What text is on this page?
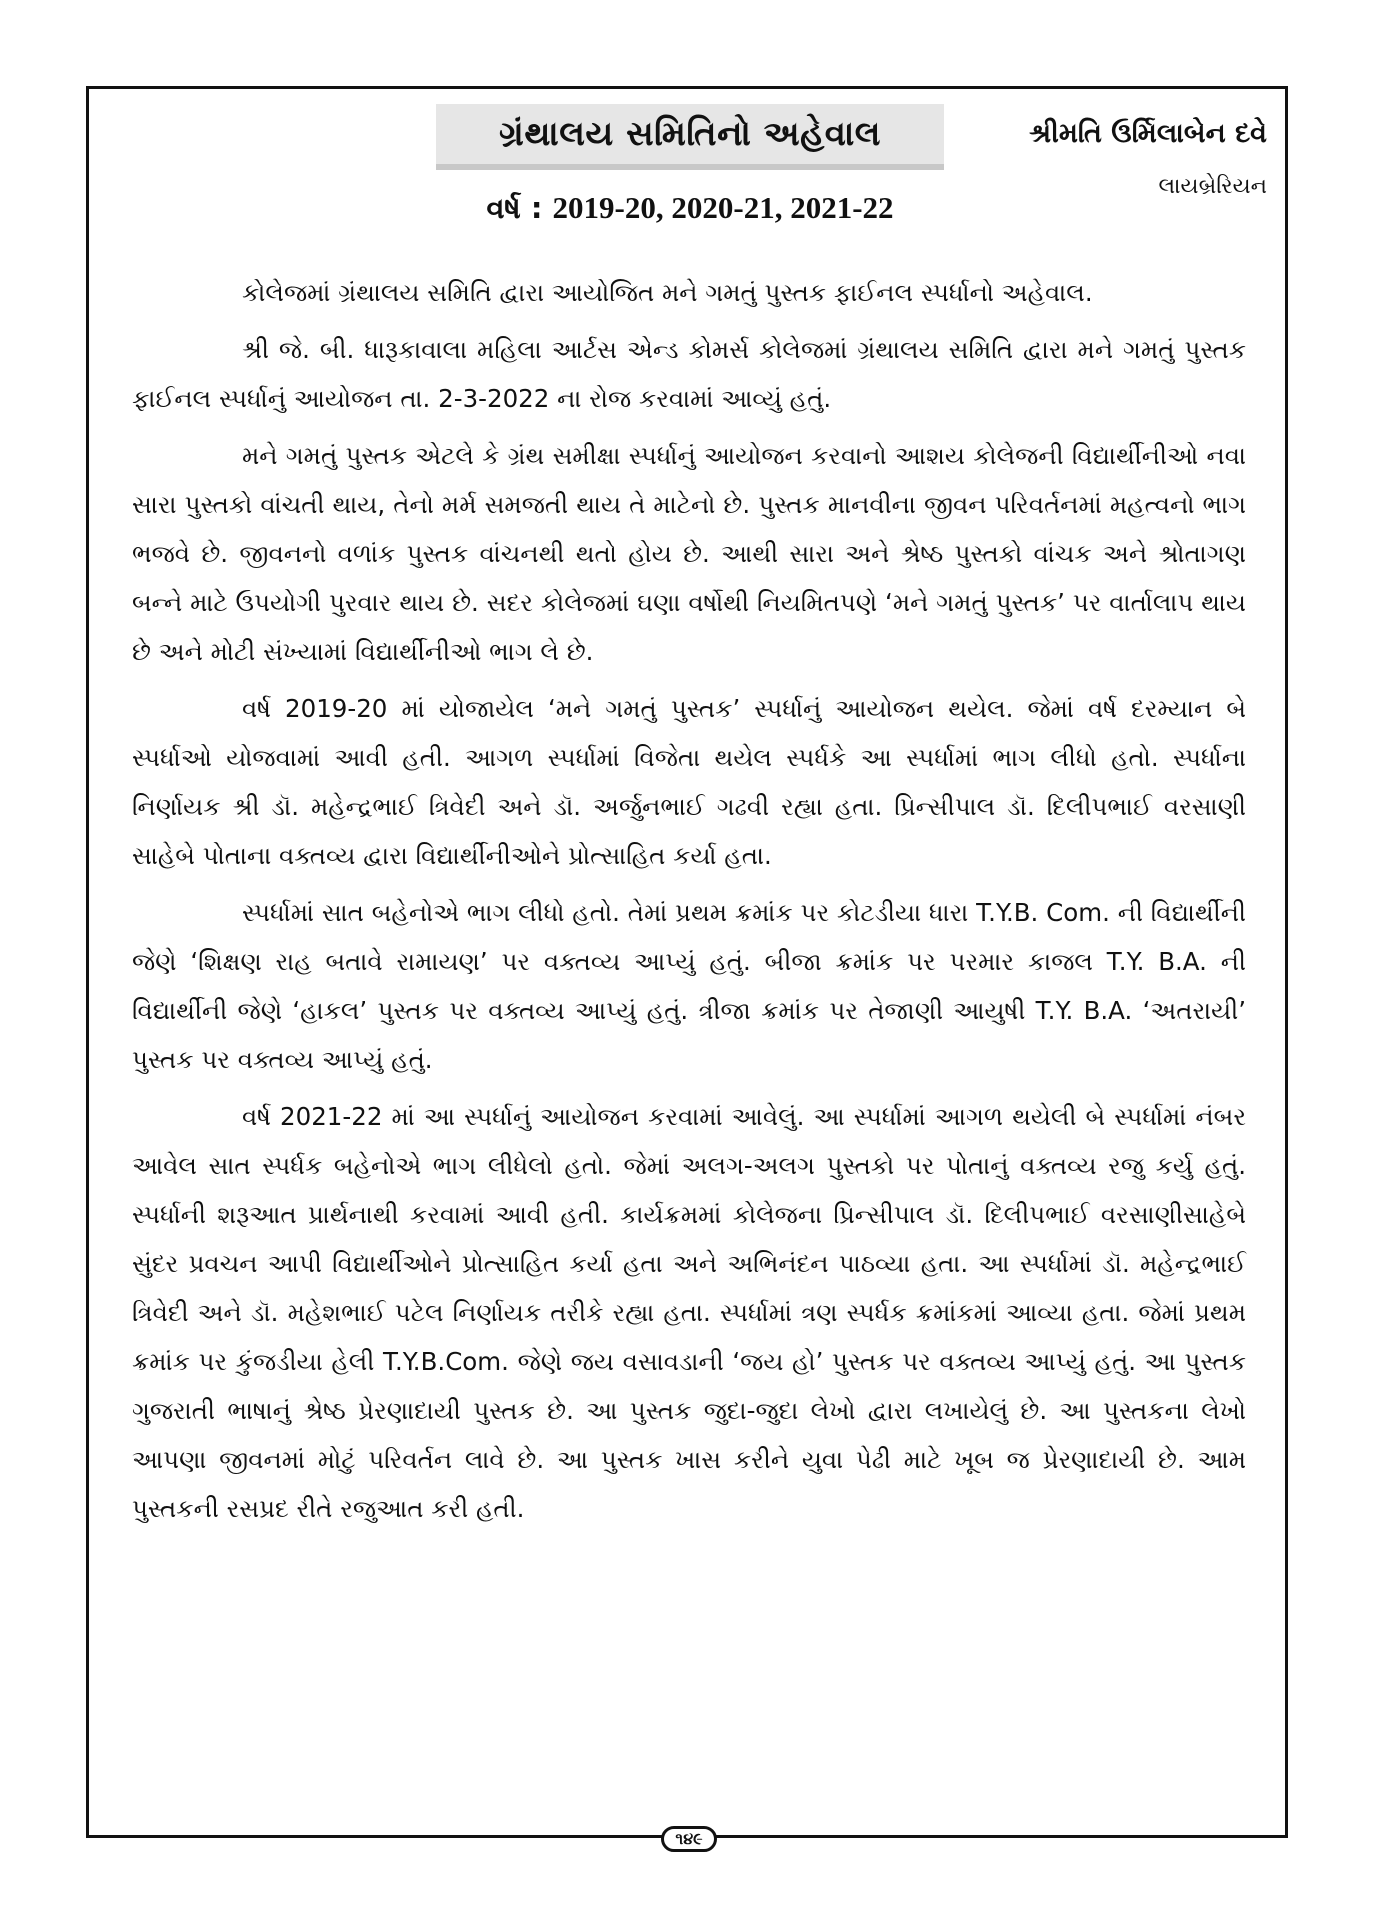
ગ્રંથાલય સમિતિનો અહેવાલ	શ્રીમતિ ઉર્મિલાબેન દવે
લાયબ્રેરિયન
વર્ષ : 2019-20, 2020-21, 2021-22

કોલેજમાં ગ્રંથાલય સમિતિ દ્વારા આયોજિત મને ગમતું પુસ્તક ફાઈનલ સ્પર્ધાનો અહેવાલ.

શ્રી જે. બી. ધારૂકાવાલા મહિલા આર્ટસ એન્ડ કોમર્સ કોલેજમાં ગ્રંથાલય સમિતિ દ્વારા મને ગમતું પુસ્તક ફાઈનલ સ્પર્ધાનું આયોજન તા. 2-3-2022 ના રોજ કરવામાં આવ્યું હતું.

મને ગમતું પુસ્તક એટલે કે ગ્રંથ સમીક્ષા સ્પર્ધાનું આયોજન કરવાનો આશય કોલેજની વિદ્યાર્થીનીઓ નવા સારા પુસ્તકો વાંચતી થાય, તેનો મર્મ સમજતી થાય તે માટેનો છે. પુસ્તક માનવીના જીવન પરિવર્તનમાં મહત્વનો ભાગ ભજવે છે. જીવનનો વળાંક પુસ્તક વાંચનથી થતો હોય છે. આથી સારા અને શ્રેષ્ઠ પુસ્તકો વાંચક અને શ્રોતાગણ બન્ને માટે ઉપયોગી પુરવાર થાય છે. સદર કોલેજમાં ઘણા વર્ષોથી નિયમિતપણે ‘મને ગમતું પુસ્તક’ પર વાર્તાલાપ થાય છે અને મોટી સંખ્યામાં વિદ્યાર્થીનીઓ ભાગ લે છે.

વર્ષ 2019-20 માં યોજાયેલ ‘મને ગમતું પુસ્તક’ સ્પર્ધાનું આયોજન થયેલ. જેમાં વર્ષ દરમ્યાન બે સ્પર્ધાઓ યોજવામાં આવી હતી. આગળ સ્પર્ધામાં વિજેતા થયેલ સ્પર્ધકે આ સ્પર્ધામાં ભાગ લીધો હતો. સ્પર્ધાના નિર્ણાયક શ્રી ડૉ. મહેન્દ્રભાઈ ત્રિવેદી અને ડૉ. અર્જુનભાઈ ગઢવી રહ્યા હતા. પ્રિન્સીપાલ ડૉ. દિલીપભાઈ વરસાણી સાહેબે પોતાના વક્તવ્ય દ્વારા વિદ્યાર્થીનીઓને પ્રોત્સાહિત કર્યા હતા.

સ્પર્ધામાં સાત બહેનોએ ભાગ લીધો હતો. તેમાં પ્રથમ ક્રમાંક પર કોટડીયા ધારા T.Y.B. Com. ની વિદ્યાર્થીની જેણે ‘શિક્ષણ રાહ બતાવે રામાયણ’ પર વક્તવ્ય આપ્યું હતું. બીજા ક્રમાંક પર પરમાર કાજલ T.Y. B.A. ની વિદ્યાર્થીની જેણે ‘હાકલ’ પુસ્તક પર વક્તવ્ય આપ્યું હતું. ત્રીજા ક્રમાંક પર તેજાણી આયુષી T.Y. B.A. ‘અતરાયી’ પુસ્તક પર વક્તવ્ય આપ્યું હતું.

વર્ષ 2021-22 માં આ સ્પર્ધાનું આયોજન કરવામાં આવેલું. આ સ્પર્ધામાં આગળ થયેલી બે સ્પર્ધામાં નંબર આવેલ સાત સ્પર્ધક બહેનોએ ભાગ લીધેલો હતો. જેમાં અલગ-અલગ પુસ્તકો પર પોતાનું વક્તવ્ય રજુ કર્યુ હતું. સ્પર્ધાની શરૂઆત પ્રાર્થનાથી કરવામાં આવી હતી. કાર્યક્રમમાં કોલેજના પ્રિન્સીપાલ ડૉ. દિલીપભાઈ વરસાણીસાહેબે સુંદર પ્રવચન આપી વિદ્યાર્થીઓને પ્રોત્સાહિત કર્યા હતા અને અભિનંદન પાઠવ્યા હતા. આ સ્પર્ધામાં ડૉ. મહેન્દ્રભાઈ ત્રિવેદી અને ડૉ. મહેશભાઈ પટેલ નિર્ણાયક તરીકે રહ્યા હતા. સ્પર્ધામાં ત્રણ સ્પર્ધક ક્રમાંકમાં આવ્યા હતા. જેમાં પ્રથમ ક્રમાંક પર કુંજડીયા હેલી T.Y.B.Com. જેણે જય વસાવડાની ‘જય હો’ પુસ્તક પર વક્તવ્ય આપ્યું હતું. આ પુસ્તક ગુજરાતી ભાષાનું શ્રેષ્ઠ પ્રેરણાદાયી પુસ્તક છે. આ પુસ્તક જુદા-જુદા લેખો દ્વારા લખાયેલું છે. આ પુસ્તકના લેખો આપણા જીવનમાં મોટું પરિવર્તન લાવે છે. આ પુસ્તક ખાસ કરીને યુવા પેઢી માટે ખૂબ જ પ્રેરણાદાયી છે. આમ પુસ્તકની રસપ્રદ રીતે રજુઆત કરી હતી.

૧૪૯
